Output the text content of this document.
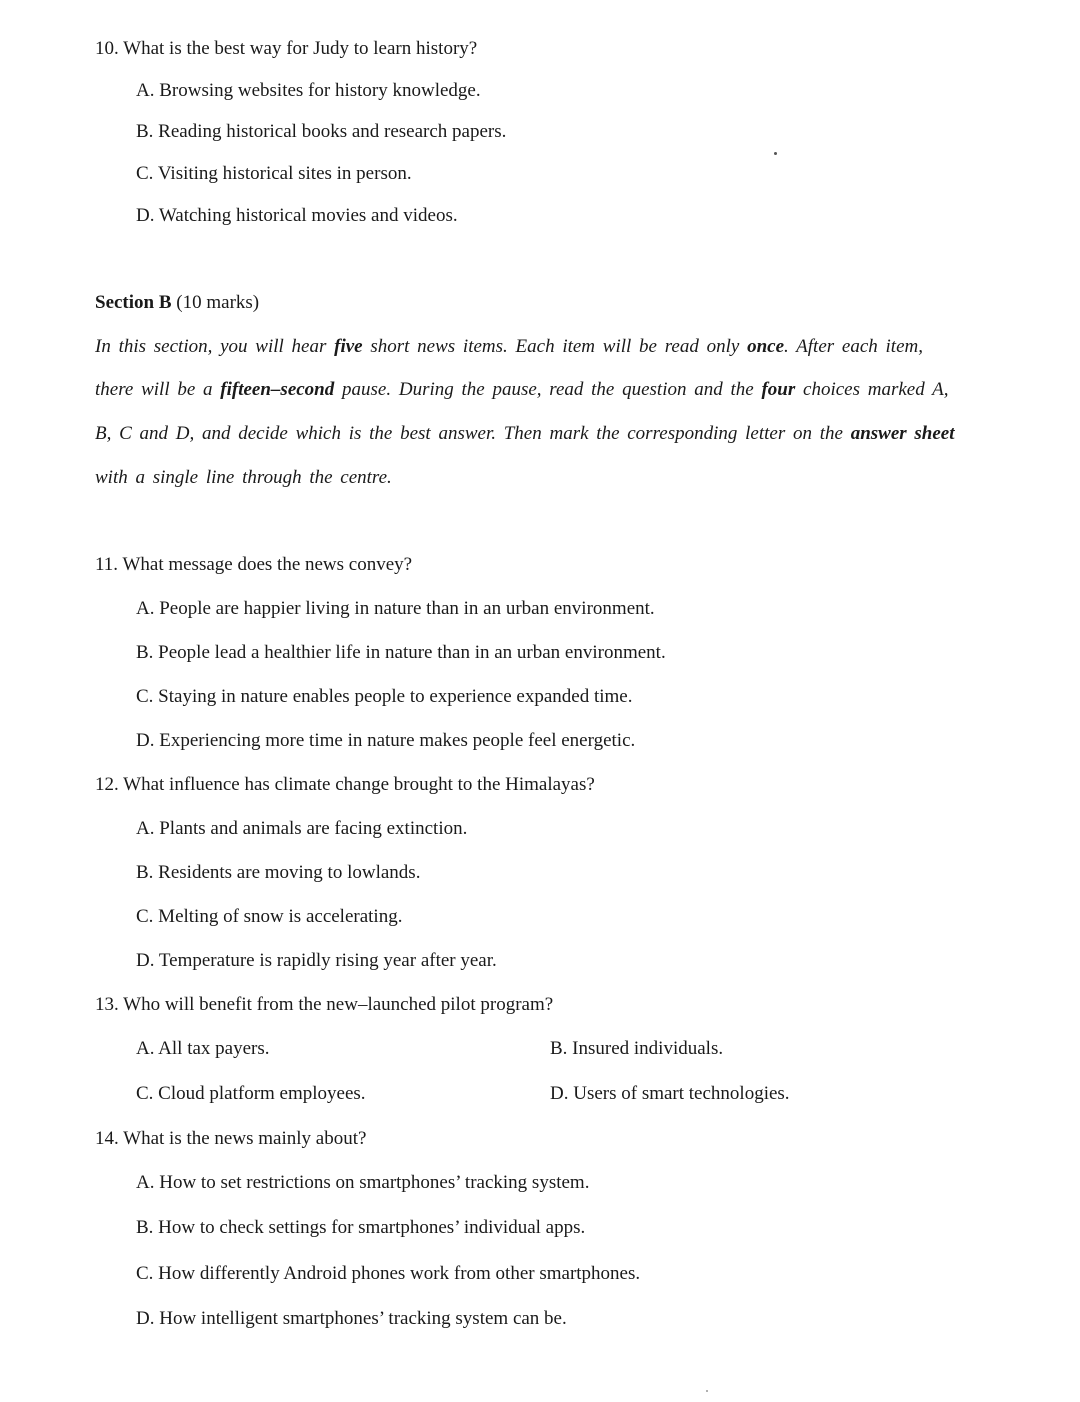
10. What is the best way for Judy to learn history?
A. Browsing websites for history knowledge.
B. Reading historical books and research papers.
C. Visiting historical sites in person.
D. Watching historical movies and videos.
Section B (10 marks)
In this section, you will hear five short news items. Each item will be read only once. After each item,
there will be a fifteen–second pause. During the pause, read the question and the four choices marked A,
B, C and D, and decide which is the best answer. Then mark the corresponding letter on the answer sheet
with a single line through the centre.
11. What message does the news convey?
A. People are happier living in nature than in an urban environment.
B. People lead a healthier life in nature than in an urban environment.
C. Staying in nature enables people to experience expanded time.
D. Experiencing more time in nature makes people feel energetic.
12. What influence has climate change brought to the Himalayas?
A. Plants and animals are facing extinction.
B. Residents are moving to lowlands.
C. Melting of snow is accelerating.
D. Temperature is rapidly rising year after year.
13. Who will benefit from the new–launched pilot program?
A. All tax payers.	B. Insured individuals.
C. Cloud platform employees.	D. Users of smart technologies.
14. What is the news mainly about?
A. How to set restrictions on smartphones’ tracking system.
B. How to check settings for smartphones’ individual apps.
C. How differently Android phones work from other smartphones.
D. How intelligent smartphones’ tracking system can be.
